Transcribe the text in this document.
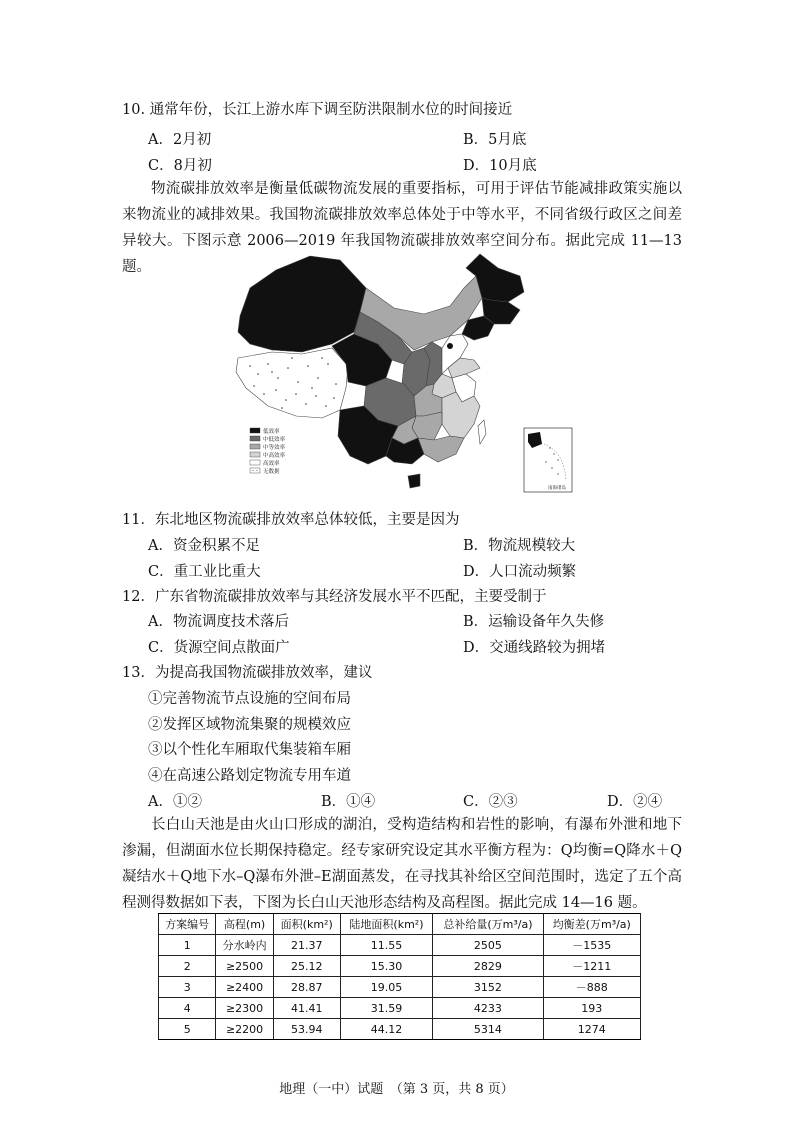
10. 通常年份，长江上游水库下调至防洪限制水位的时间接近
A．2月初	B．5月底
C．8月初	D．10月底
物流碳排放效率是衡量低碳物流发展的重要指标，可用于评估节能减排政策实施以来物流业的减排效果。我国物流碳排放效率总体处于中等水平，不同省级行政区之间差异较大。下图示意 2006—2019 年我国物流碳排放效率空间分布。据此完成 11—13 题。
低效率
中低效率
中等效率
中高效率
高效率
无数据
南海诸岛
11．东北地区物流碳排放效率总体较低，主要是因为
A．资金积累不足	B．物流规模较大
C．重工业比重大	D．人口流动频繁
12．广东省物流碳排放效率与其经济发展水平不匹配，主要受制于
A．物流调度技术落后	B．运输设备年久失修
C．货源空间点散面广	D．交通线路较为拥堵
13．为提高我国物流碳排放效率，建议
①完善物流节点设施的空间布局
②发挥区域物流集聚的规模效应
③以个性化车厢取代集装箱车厢
④在高速公路划定物流专用车道
A．①②	B．①④	C．②③	D．②④
长白山天池是由火山口形成的湖泊，受构造结构和岩性的影响，有瀑布外泄和地下渗漏，但湖面水位长期保持稳定。经专家研究设定其水平衡方程为：Q均衡=Q降水＋Q凝结水＋Q地下水–Q瀑布外泄–E湖面蒸发，在寻找其补给区空间范围时，选定了五个高程测得数据如下表，下图为长白山天池形态结构及高程图。据此完成 14—16 题。
方案编号	高程(m)	面积(km²)	陆地面积(km²)	总补给量(万m³/a)	均衡差(万m³/a)
1	分水岭内	21.37	11.55	2505	－1535
2	≥2500	25.12	15.30	2829	－1211
3	≥2400	28.87	19.05	3152	－888
4	≥2300	41.41	31.59	4233	193
5	≥2200	53.94	44.12	5314	1274
地理（一中）试题　（第 3 页，共 8 页）
